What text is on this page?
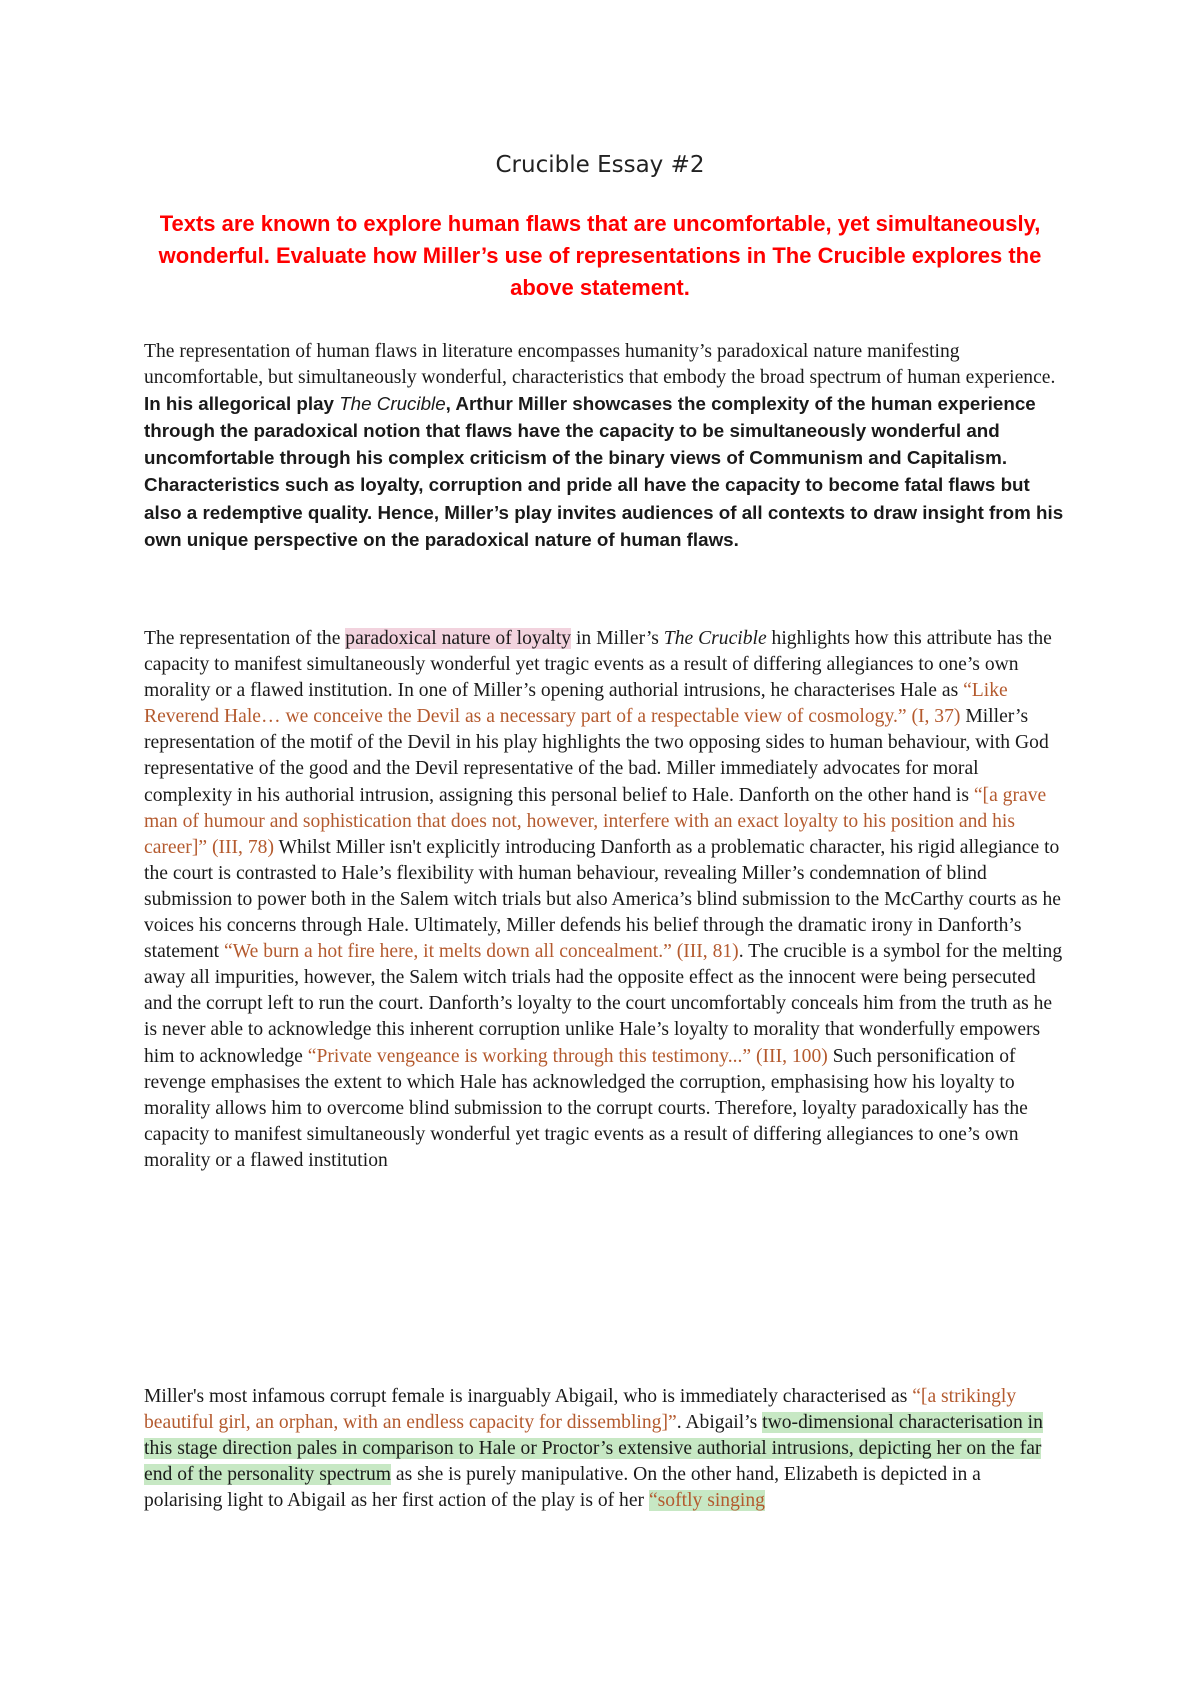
Crucible Essay #2

Texts are known to explore human flaws that are uncomfortable, yet simultaneously, wonderful. Evaluate how Miller’s use of representations in The Crucible explores the above statement.

The representation of human flaws in literature encompasses humanity’s paradoxical nature manifesting uncomfortable, but simultaneously wonderful, characteristics that embody the broad spectrum of human experience. In his allegorical play The Crucible, Arthur Miller showcases the complexity of the human experience through the paradoxical notion that flaws have the capacity to be simultaneously wonderful and uncomfortable through his complex criticism of the binary views of Communism and Capitalism. Characteristics such as loyalty, corruption and pride all have the capacity to become fatal flaws but also a redemptive quality. Hence, Miller’s play invites audiences of all contexts to draw insight from his own unique perspective on the paradoxical nature of human flaws.

The representation of the paradoxical nature of loyalty in Miller’s The Crucible highlights how this attribute has the capacity to manifest simultaneously wonderful yet tragic events as a result of differing allegiances to one’s own morality or a flawed institution. In one of Miller’s opening authorial intrusions, he characterises Hale as “Like Reverend Hale… we conceive the Devil as a necessary part of a respectable view of cosmology.” (I, 37) Miller’s representation of the motif of the Devil in his play highlights the two opposing sides to human behaviour, with God representative of the good and the Devil representative of the bad. Miller immediately advocates for moral complexity in his authorial intrusion, assigning this personal belief to Hale. Danforth on the other hand is “[a grave man of humour and sophistication that does not, however, interfere with an exact loyalty to his position and his career]” (III, 78) Whilst Miller isn't explicitly introducing Danforth as a problematic character, his rigid allegiance to the court is contrasted to Hale’s flexibility with human behaviour, revealing Miller’s condemnation of blind submission to power both in the Salem witch trials but also America’s blind submission to the McCarthy courts as he voices his concerns through Hale. Ultimately, Miller defends his belief through the dramatic irony in Danforth’s statement “We burn a hot fire here, it melts down all concealment.” (III, 81). The crucible is a symbol for the melting away all impurities, however, the Salem witch trials had the opposite effect as the innocent were being persecuted and the corrupt left to run the court. Danforth’s loyalty to the court uncomfortably conceals him from the truth as he is never able to acknowledge this inherent corruption unlike Hale’s loyalty to morality that wonderfully empowers him to acknowledge “Private vengeance is working through this testimony...” (III, 100) Such personification of revenge emphasises the extent to which Hale has acknowledged the corruption, emphasising how his loyalty to morality allows him to overcome blind submission to the corrupt courts. Therefore, loyalty paradoxically has the capacity to manifest simultaneously wonderful yet tragic events as a result of differing allegiances to one’s own morality or a flawed institution

Miller's most infamous corrupt female is inarguably Abigail, who is immediately characterised as “[a strikingly beautiful girl, an orphan, with an endless capacity for dissembling]”. Abigail’s two-dimensional characterisation in this stage direction pales in comparison to Hale or Proctor’s extensive authorial intrusions, depicting her on the far end of the personality spectrum as she is purely manipulative. On the other hand, Elizabeth is depicted in a polarising light to Abigail as her first action of the play is of her “softly singing
